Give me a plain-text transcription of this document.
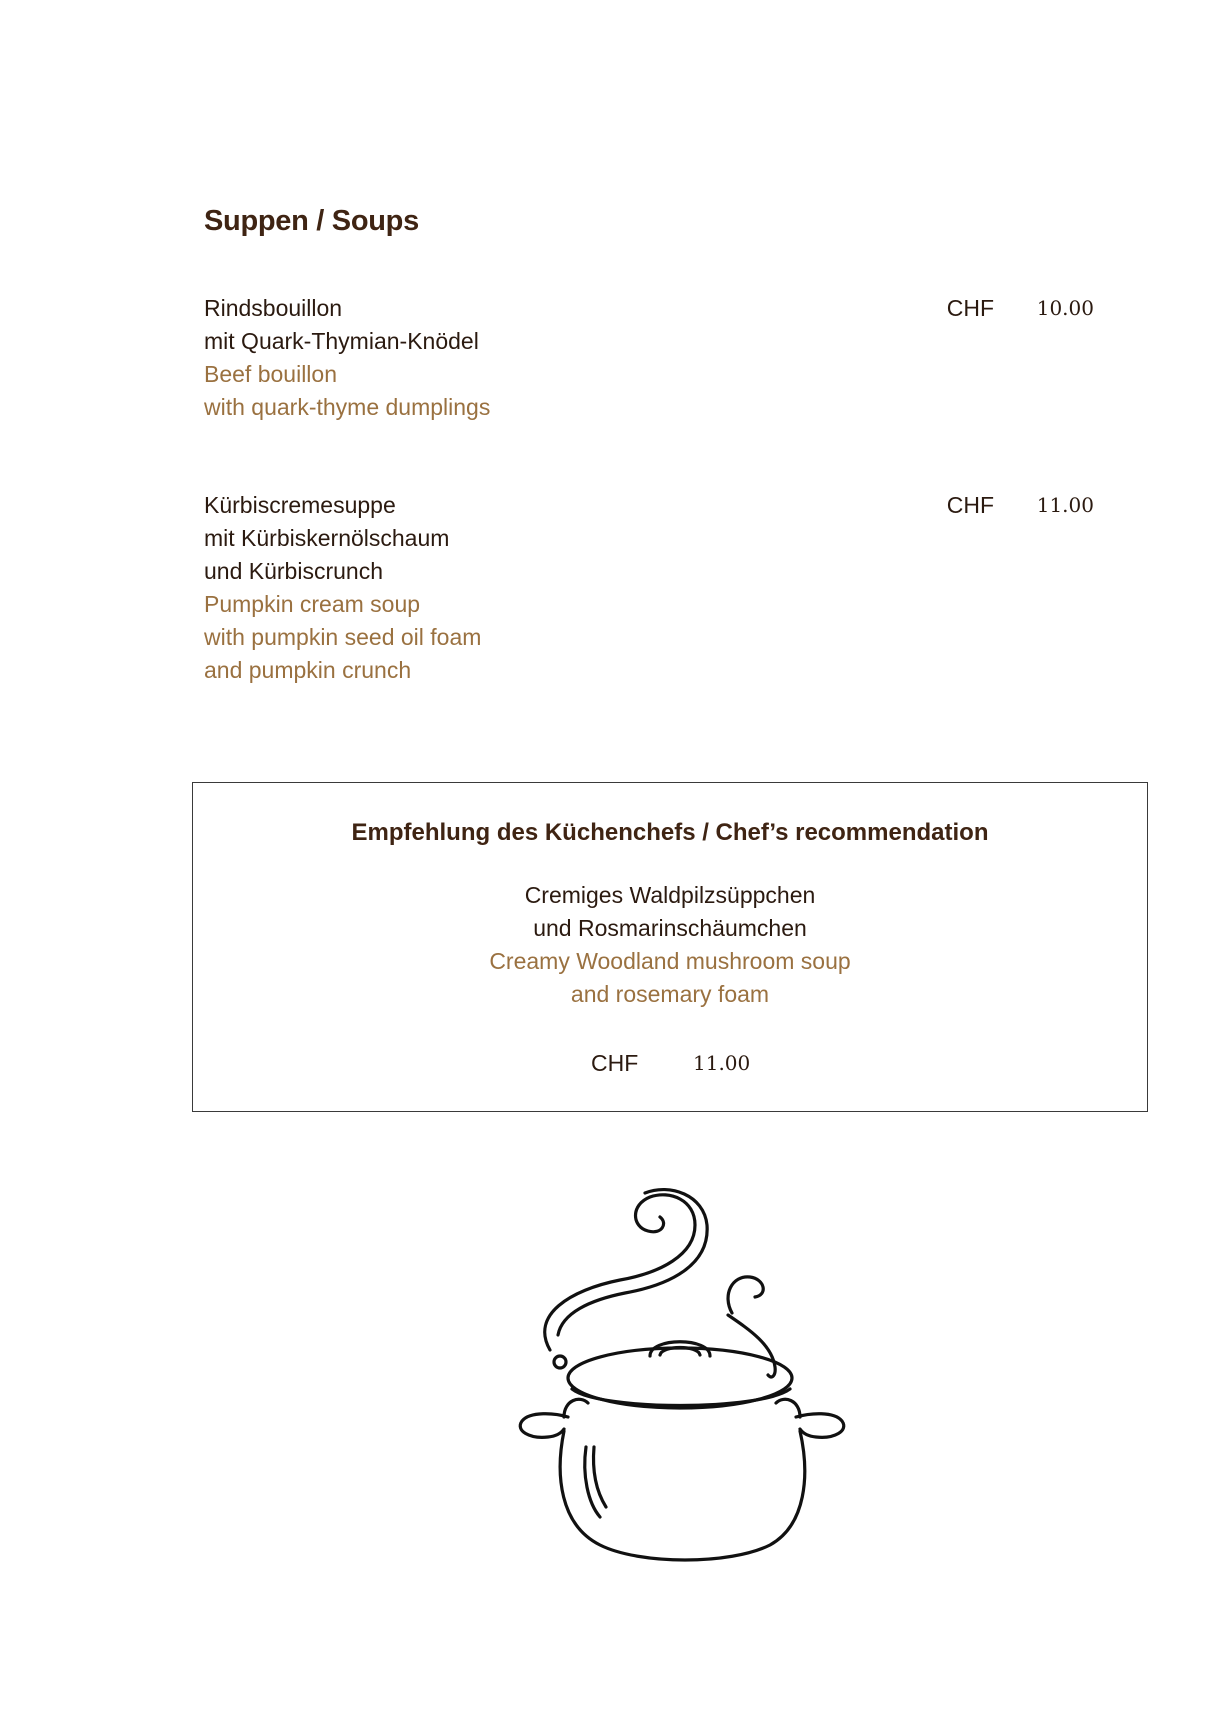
Suppen / Soups
Rindsbouillon
mit Quark-Thymian-Knödel
Beef bouillon
with quark-thyme dumplings
CHF 10.00
Kürbiscremesuppe
mit Kürbiskernölschaum
und Kürbiscrunch
Pumpkin cream soup
with pumpkin seed oil foam
and pumpkin crunch
CHF 11.00
Empfehlung des Küchenchefs / Chef’s recommendation
Cremiges Waldpilzsüppchen
und Rosmarinschäumchen
Creamy Woodland mushroom soup
and rosemary foam
CHF	11.00
